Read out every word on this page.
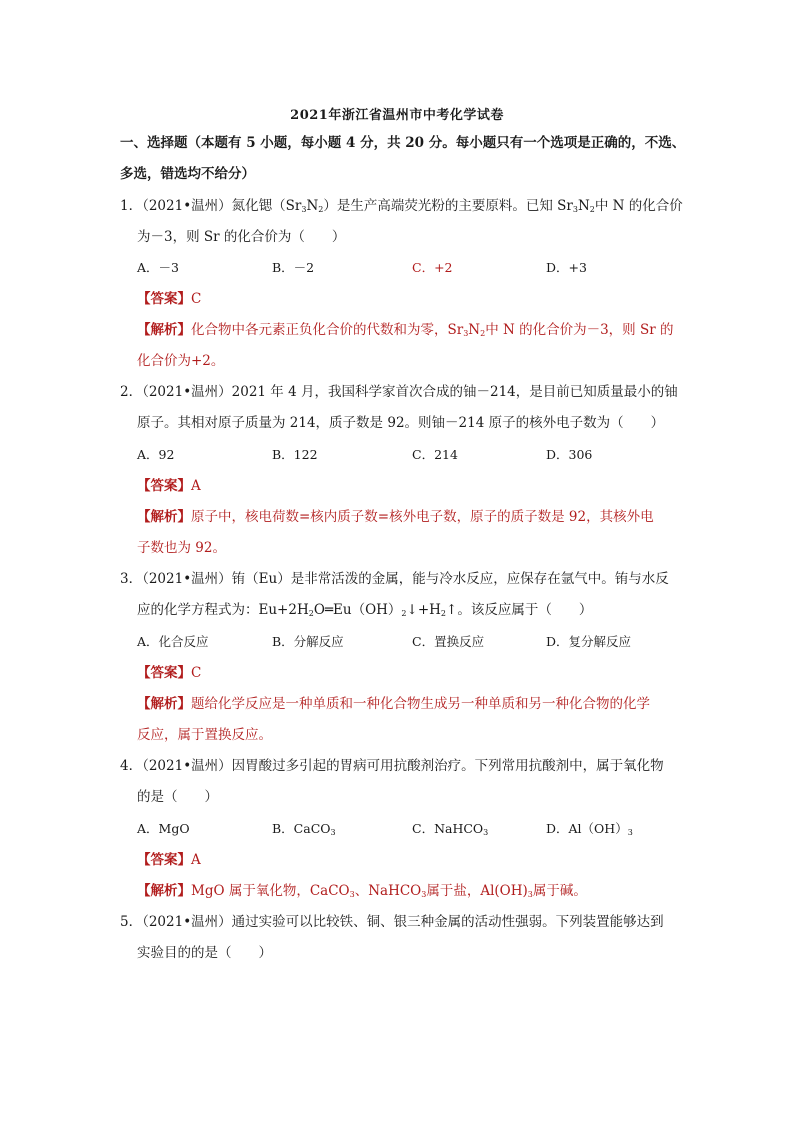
2021年浙江省温州市中考化学试卷
一、选择题（本题有 5 小题，每小题 4 分，共 20 分。每小题只有一个选项是正确的，不选、
多选，错选均不给分）
1．（2021•温州）氮化锶$(Sr_3N_2)$是生产高端荧光粉的主要原料。已知 $Sr_3N_2$中 N 的化合价
为－3，则 Sr 的化合价为（　　）
A．－3	B．－2	C．+2	D．+3
【答案】C
【解析】化合物中各元素正负化合价的代数和为零，$Sr_3N_2$中 N 的化合价为－3，则 Sr 的
化合价为+2。
2．（2021•温州）2021 年 4 月，我国科学家首次合成的铀－214，是目前已知质量最小的铀
原子。其相对原子质量为 214，质子数是 92。则铀－214 原子的核外电子数为（　　）
A．92	B．122	C．214	D．306
【答案】A
【解析】原子中，核电荷数=核内质子数=核外电子数，原子的质子数是 92，其核外电
子数也为 92。
3．（2021•温州）铕（Eu）是非常活泼的金属，能与冷水反应，应保存在氩气中。铕与水反
应的化学方程式为：$Eu+2H_2O═Eu(OH)_2↓+H_2↑$。该反应属于（　　）
A．化合反应	B．分解反应	C．置换反应	D．复分解反应
【答案】C
【解析】题给化学反应是一种单质和一种化合物生成另一种单质和另一种化合物的化学
反应，属于置换反应。
4．（2021•温州）因胃酸过多引起的胃病可用抗酸剂治疗。下列常用抗酸剂中，属于氧化物
的是（　　）
A．MgO	B．CaCO$_3$	C．NaHCO$_3$	D．$Al(OH)_3$
【答案】A
【解析】MgO 属于氧化物，CaCO$_3$、NaHCO$_3$属于盐，$Al(OH)_3$属于碱。
5．（2021•温州）通过实验可以比较铁、铜、银三种金属的活动性强弱。下列装置能够达到
实验目的的是（　　）
